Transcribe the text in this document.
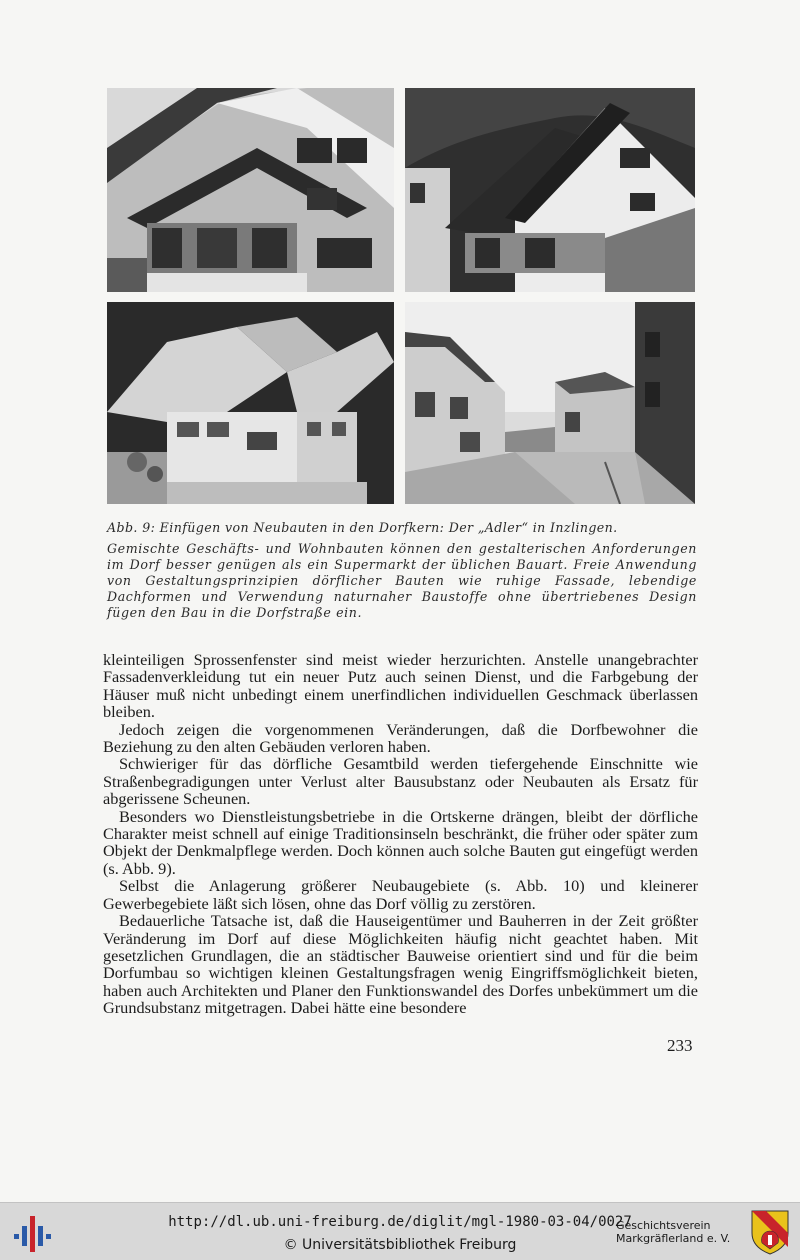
Abb. 9: Einfügen von Neubauten in den Dorfkern: Der „Adler“ in Inzlingen.
Gemischte Geschäfts- und Wohnbauten können den gestalterischen Anforderungen im Dorf besser genügen als ein Supermarkt der üblichen Bauart. Freie Anwendung von Gestaltungsprinzipien dörflicher Bauten wie ruhige Fassade, lebendige Dachformen und Verwendung naturnaher Baustoffe ohne übertriebenes Design fügen den Bau in die Dorfstraße ein.

kleinteiligen Sprossenfenster sind meist wieder herzurichten. Anstelle unangebrachter Fassadenverkleidung tut ein neuer Putz auch seinen Dienst, und die Farbgebung der Häuser muß nicht unbedingt einem unerfindlichen individuellen Geschmack überlassen bleiben.

Jedoch zeigen die vorgenommenen Veränderungen, daß die Dorfbewohner die Beziehung zu den alten Gebäuden verloren haben.

Schwieriger für das dörfliche Gesamtbild werden tiefergehende Einschnitte wie Straßenbegradigungen unter Verlust alter Bausubstanz oder Neubauten als Ersatz für abgerissene Scheunen.

Besonders wo Dienstleistungsbetriebe in die Ortskerne drängen, bleibt der dörfliche Charakter meist schnell auf einige Traditionsinseln beschränkt, die früher oder später zum Objekt der Denkmalpflege werden. Doch können auch solche Bauten gut eingefügt werden (s. Abb. 9).

Selbst die Anlagerung größerer Neubaugebiete (s. Abb. 10) und kleinerer Gewerbegebiete läßt sich lösen, ohne das Dorf völlig zu zerstören.

Bedauerliche Tatsache ist, daß die Hauseigentümer und Bauherren in der Zeit größter Veränderung im Dorf auf diese Möglichkeiten häufig nicht geachtet haben. Mit gesetzlichen Grundlagen, die an städtischer Bauweise orientiert sind und für die beim Dorfumbau so wichtigen kleinen Gestaltungsfragen wenig Eingriffsmöglichkeit bieten, haben auch Architekten und Planer den Funktionswandel des Dorfes unbekümmert um die Grundsubstanz mitgetragen. Dabei hätte eine besondere

233
http://dl.ub.uni-freiburg.de/diglit/mgl-1980-03-04/0027
© Universitätsbibliothek Freiburg
Geschichtsverein
Markgräflerland e. V.
